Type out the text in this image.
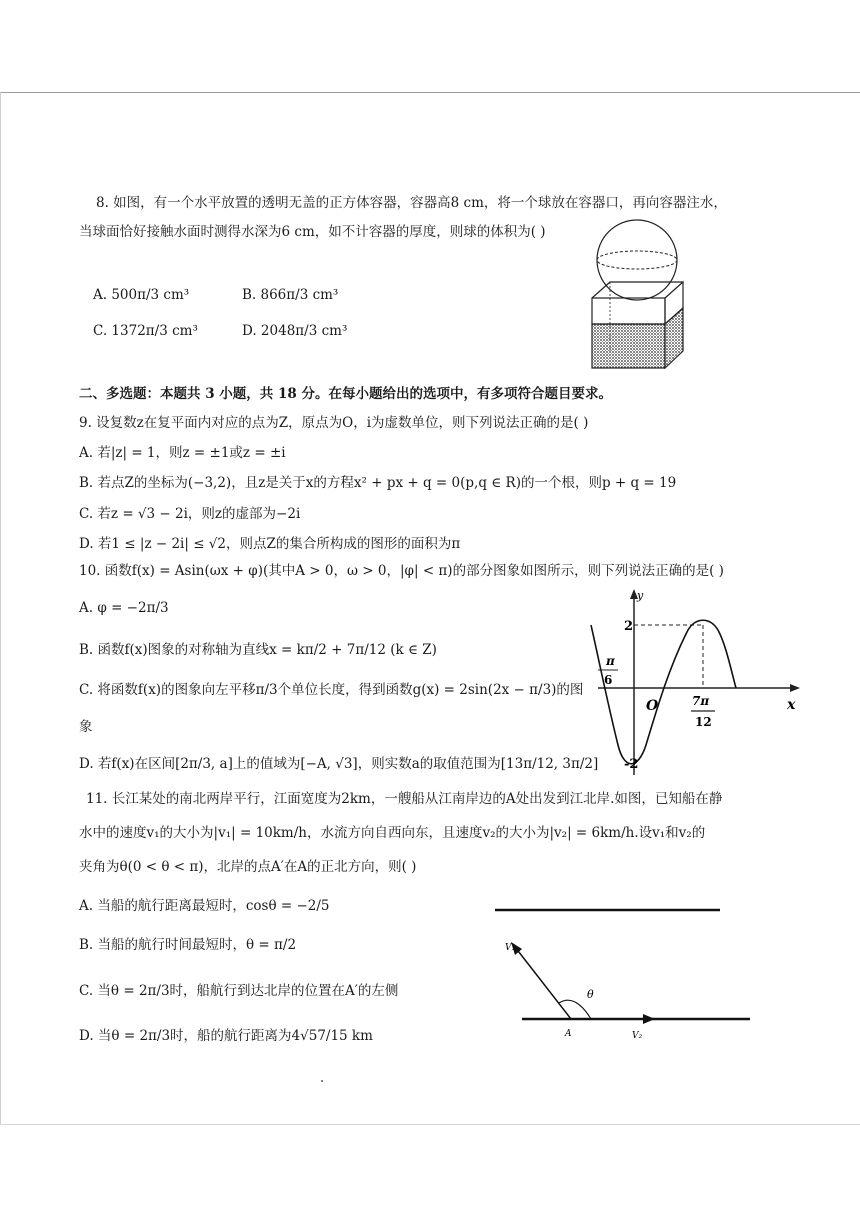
8. 如图，有一个水平放置的透明无盖的正方体容器，容器高8 cm，将一个球放在容器口，再向容器注水，
当球面恰好接触水面时测得水深为6 cm，如不计容器的厚度，则球的体积为( )
A. 500π/3 cm³	B. 866π/3 cm³
C. 1372π/3 cm³	D. 2048π/3 cm³
二、多选题：本题共 3 小题，共 18 分。在每小题给出的选项中，有多项符合题目要求。
9. 设复数z在复平面内对应的点为Z，原点为O，i为虚数单位，则下列说法正确的是( )
A. 若|z| = 1，则z = ±1或z = ±i
B. 若点Z的坐标为(−3,2)，且z是关于x的方程x² + px + q = 0(p,q ∈ R)的一个根，则p + q = 19
C. 若z = √3 − 2i，则z的虚部为−2i
D. 若1 ≤ |z − 2i| ≤ √2，则点Z的集合所构成的图形的面积为π
10. 函数f(x) = Asin(ωx + φ)(其中A > 0，ω > 0，|φ| < π)的部分图象如图所示，则下列说法正确的是( )
A. φ = −2π/3
B. 函数f(x)图象的对称轴为直线x = kπ/2 + 7π/12 (k ∈ Z)
C. 将函数f(x)的图象向左平移π/3个单位长度，得到函数g(x) = 2sin(2x − π/3)的图
象
D. 若f(x)在区间[2π/3, a]上的值域为[−A, √3]，则实数a的取值范围为[13π/12, 3π/2]
y
x
O
2
-2
π
6
7π
12
11. 长江某处的南北两岸平行，江面宽度为2km，一艘船从江南岸边的A处出发到江北岸.如图，已知船在静
水中的速度v₁的大小为|v₁| = 10km/h，水流方向自西向东，且速度v₂的大小为|v₂| = 6km/h.设v₁和v₂的
夹角为θ(0 < θ < π)，北岸的点A′在A的正北方向，则( )
A. 当船的航行距离最短时，cosθ = −2/5
B. 当船的航行时间最短时，θ = π/2
C. 当θ = 2π/3时，船航行到达北岸的位置在A′的左侧
D. 当θ = 2π/3时，船的航行距离为4√57/15 km
V₁
V₂
θ
A
